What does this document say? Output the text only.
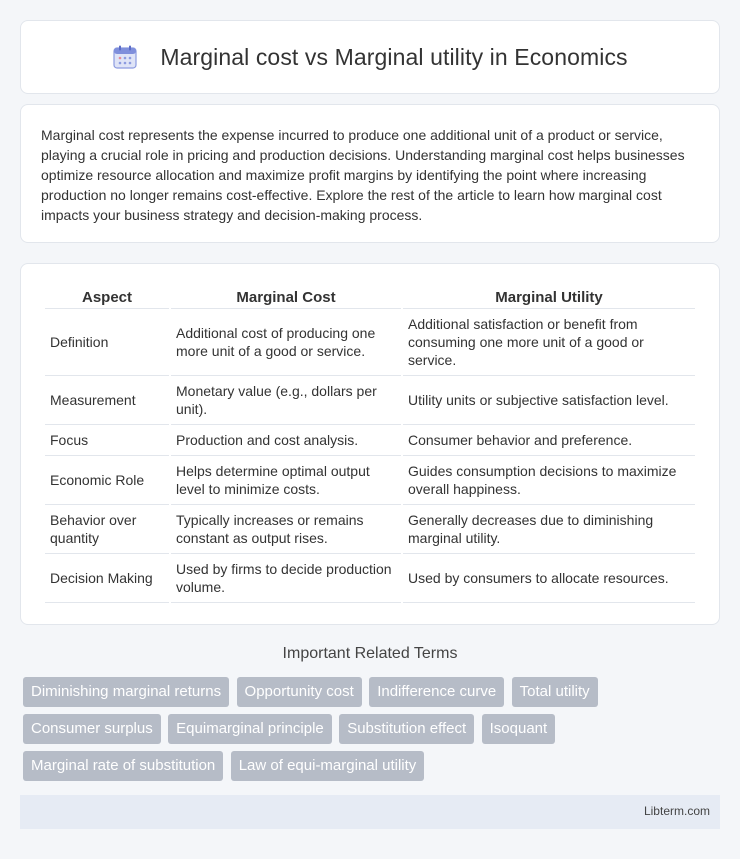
Marginal cost vs Marginal utility in Economics

Marginal cost represents the expense incurred to produce one additional unit of a product or service, playing a crucial role in pricing and production decisions. Understanding marginal cost helps businesses optimize resource allocation and maximize profit margins by identifying the point where increasing production no longer remains cost-effective. Explore the rest of the article to learn how marginal cost impacts your business strategy and decision-making process.

Aspect	Marginal Cost	Marginal Utility
Definition	Additional cost of producing one more unit of a good or service.	Additional satisfaction or benefit from consuming one more unit of a good or service.
Measurement	Monetary value (e.g., dollars per unit).	Utility units or subjective satisfaction level.
Focus	Production and cost analysis.	Consumer behavior and preference.
Economic Role	Helps determine optimal output level to minimize costs.	Guides consumption decisions to maximize overall happiness.
Behavior over quantity	Typically increases or remains constant as output rises.	Generally decreases due to diminishing marginal utility.
Decision Making	Used by firms to decide production volume.	Used by consumers to allocate resources.
Important Related Terms
Diminishing marginal returns Opportunity cost Indifference curve Total utility Consumer surplus Equimarginal principle Substitution effect Isoquant Marginal rate of substitution Law of equi-marginal utility
Libterm.com
